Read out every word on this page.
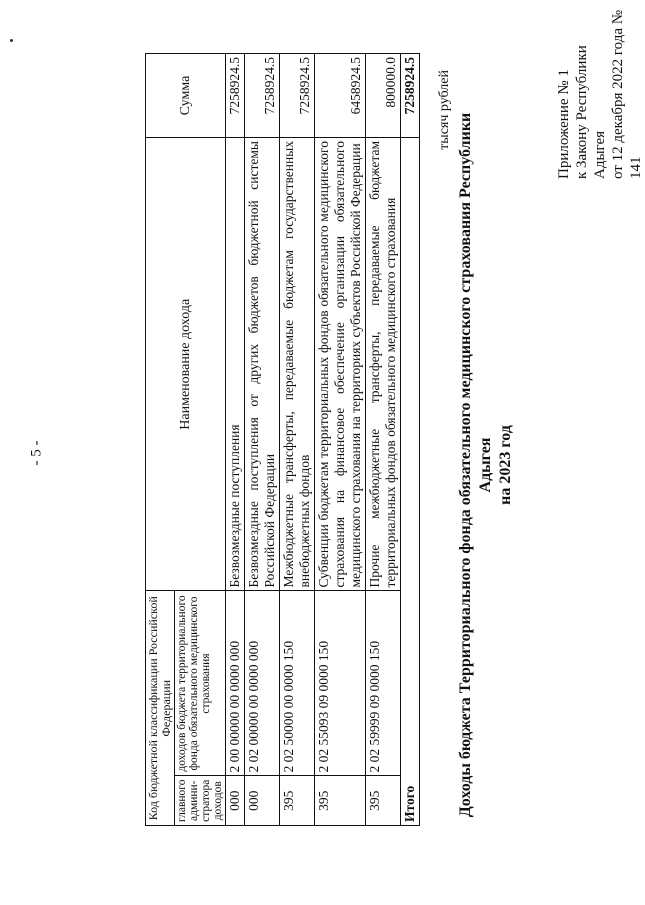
- 5 -
Приложение № 1 к Закону Республики Адыгея от 12 декабря 2022 года № 141
Доходы бюджета Территориального фонда обязательного медицинского страхования Республики Адыгея на 2023 год
тысяч рублей
Код бюджетной классификации Российской Федерации		Наименование дохода	Сумма
главного админи-стратора доходов	доходов бюджета территориального фонда обязательного медицинского страхования		
000	2 00 00000 00 0000 000	Безвозмездные поступления	7258924.5
000	2 02 00000 00 0000 000	Безвозмездные поступления от других бюджетов бюджетной системы Российской Федерации	7258924.5
395	2 02 50000 00 0000 150	Межбюджетные трансферты, передаваемые бюджетам государственных внебюджетных фондов	7258924.5
395	2 02 55093 09 0000 150	Субвенции бюджетам территориальных фондов обязательного медицинского страхования на финансовое обеспечение организации обязательного медицинского страхования на территориях субъектов Российской Федерации	6458924.5
395	2 02 59999 09 0000 150	Прочие межбюджетные трансферты, передаваемые бюджетам территориальных фондов обязательного медицинского страхования	800000.0
Итого			7258924.5
